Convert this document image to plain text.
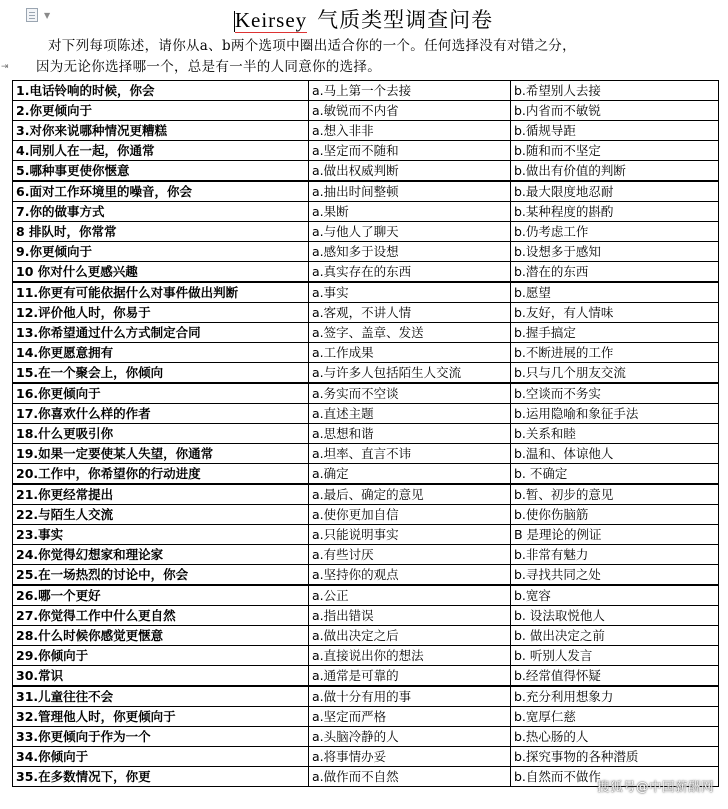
▼	Keirsey 气质类型调查问卷
对下列每项陈述，请你从a、b两个选项中圈出适合你的一个。任何选择没有对错之分，
因为无论你选择哪一个，总是有一半的人同意你的选择。
⇥
1.电话铃响的时候，你会	a.马上第一个去接	b.希望别人去接
2.你更倾向于	a.敏锐而不内省	b.内省而不敏锐
3.对你来说哪种情况更糟糕	a.想入非非	b.循规导距
4.同别人在一起，你通常	a.坚定而不随和	b.随和而不坚定
5.哪种事更使你惬意	a.做出权威判断	b.做出有价值的判断
6.面对工作环境里的噪音，你会	a.抽出时间整顿	b.最大限度地忍耐
7.你的做事方式	a.果断	b.某种程度的斟酌
8 排队时，你常常	a.与他人了聊天	b.仍考虑工作
9.你更倾向于	a.感知多于设想	b.设想多于感知
10 你对什么更感兴趣	a.真实存在的东西	b.潜在的东西
11.你更有可能依据什么对事件做出判断	a.事实	b.愿望
12.评价他人时，你易于	a.客观，不讲人情	b.友好，有人情味
13.你希望通过什么方式制定合同	a.签字、盖章、发送	b.握手搞定
14.你更愿意拥有	a.工作成果	b.不断进展的工作
15.在一个聚会上，你倾向	a.与许多人包括陌生人交流	b.只与几个朋友交流
16.你更倾向于	a.务实而不空谈	b.空谈而不务实
17.你喜欢什么样的作者	a.直述主题	b.运用隐喻和象征手法
18.什么更吸引你	a.思想和谐	b.关系和睦
19.如果一定要使某人失望，你通常	a.坦率、直言不讳	b.温和、体谅他人
20.工作中，你希望你的行动进度	a.确定	b. 不确定
21.你更经常提出	a.最后、确定的意见	b.暂、初步的意见
22.与陌生人交流	a.使你更加自信	b.使你伤脑筋
23.事实	a.只能说明事实	B 是理论的例证
24.你觉得幻想家和理论家	a.有些讨厌	b.非常有魅力
25.在一场热烈的讨论中，你会	a.坚持你的观点	b.寻找共同之处
26.哪一个更好	a.公正	b.宽容
27.你觉得工作中什么更自然	a.指出错误	b. 设法取悦他人
28.什么时候你感觉更惬意	a.做出决定之后	b. 做出决定之前
29.你倾向于	a.直接说出你的想法	b. 听别人发言
30.常识	a.通常是可靠的	b.经常值得怀疑
31.儿童往往不会	a.做十分有用的事	b.充分利用想象力
32.管理他人时，你更倾向于	a.坚定而严格	b.宽厚仁慈
33.你更倾向于作为一个	a.头脑冷静的人	b.热心肠的人
34.你倾向于	a.将事情办妥	b.探究事物的各种潜质
35.在多数情况下，你更	a.做作而不自然	b.自然而不做作
搜狐号@中国薪酬网
